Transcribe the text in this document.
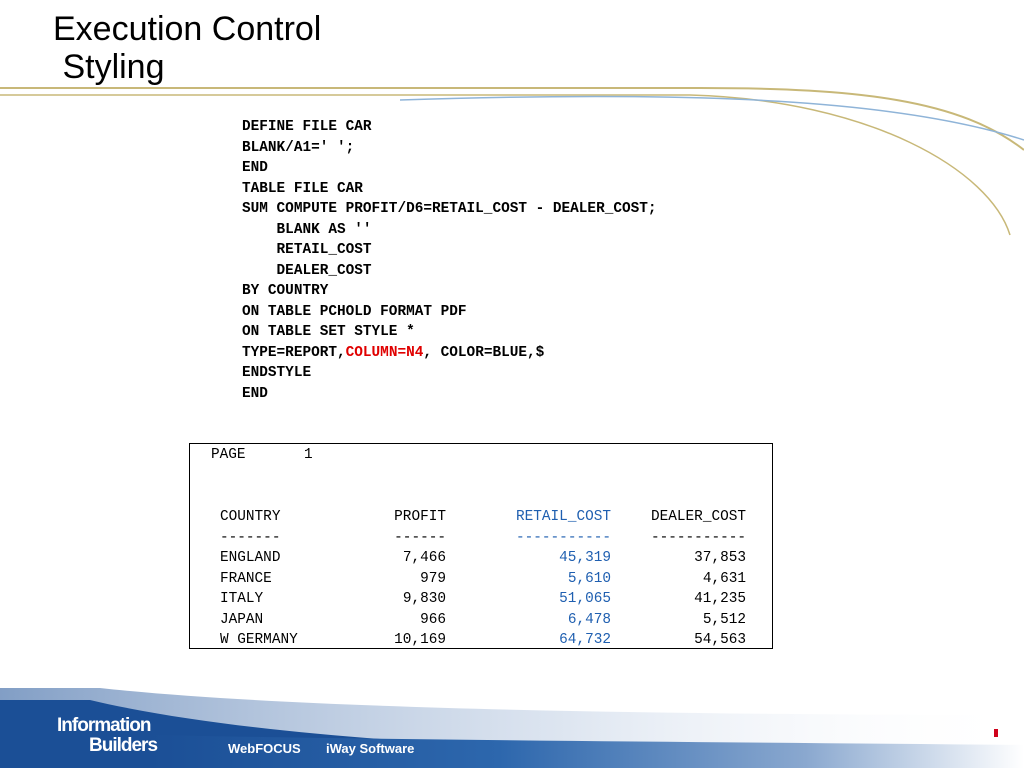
Execution Control
Styling
DEFINE FILE CAR
BLANK/A1=' ';
END
TABLE FILE CAR
SUM COMPUTE PROFIT/D6=RETAIL_COST - DEALER_COST;
BLANK AS ''
RETAIL_COST
DEALER_COST
BY COUNTRY
ON TABLE PCHOLD FORMAT PDF
ON TABLE SET STYLE *
TYPE=REPORT,COLUMN=N4, COLOR=BLUE,$
ENDSTYLE
END
PAGE	1
COUNTRY	PROFIT	RETAIL_COST	DEALER_COST
-------	------	-----------	-----------
ENGLAND	7,466	45,319	37,853
FRANCE	979	5,610	4,631
ITALY	9,830	51,065	41,235
JAPAN	966	6,478	5,512
W GERMANY	10,169	64,732	54,563
Information
Builders	WebFOCUS iWay Software
